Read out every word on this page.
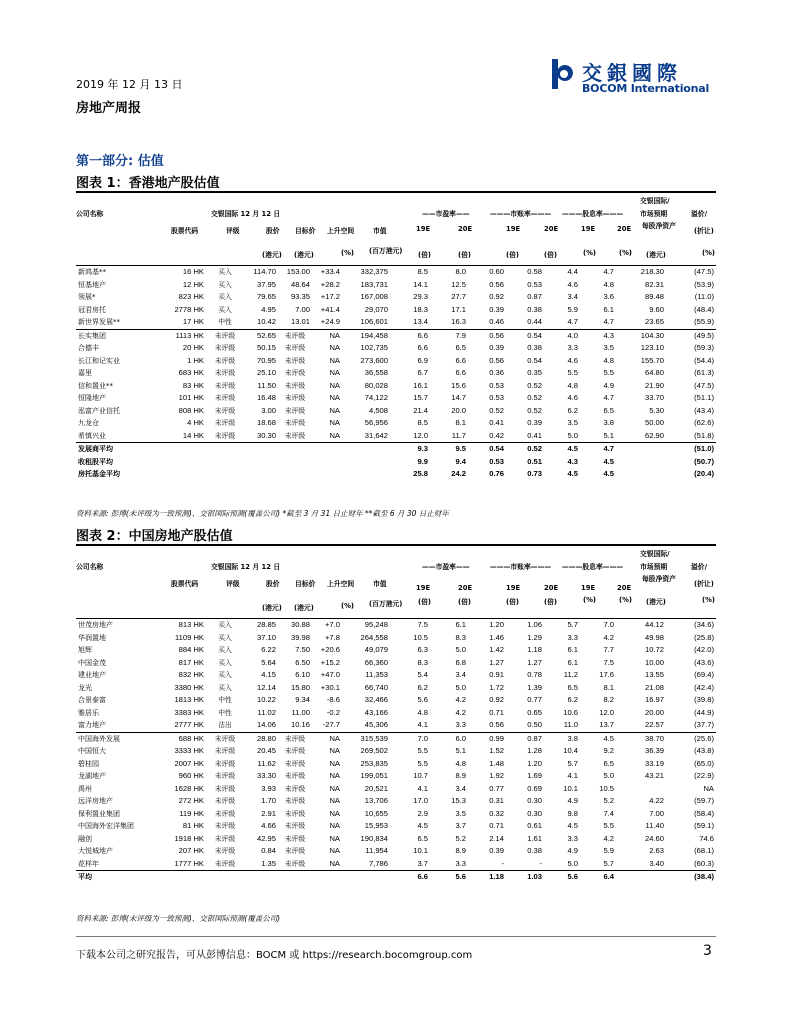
2019 年 12 月 13 日
房地产周报
交銀國際
BOCOM International
第一部分: 估值
图表 1：香港地产股估值
交银国际/
公司名称	交银国际 12 月 12 日	——市盈率——	———市账率——— ———股息率——— 市场预期	溢价/
股票代码	评级	股价 目标价 上升空间	市值	19E	20E	19E	20E	19E	20E 每股净资产
(折让)
(港元) (港元)	(%) (百万港元) (倍)	(倍)	(倍)	(倍)	(%)	(%) (港元)	(%)
新鸿基**	16 HK	买入	114.70	153.00	+33.4	332,375	8.5	8.0	0.60	0.58	4.4	4.7	218.30	(47.5)
恒基地产	12 HK	买入	37.95	48.64	+28.2	183,731	14.1	12.5	0.56	0.53	4.6	4.8	82.31	(53.9)
领展*	823 HK	买入	79.65	93.35	+17.2	167,008	29.3	27.7	0.92	0.87	3.4	3.6	89.48	(11.0)
冠君房托	2778 HK	买入	4.95	7.00	+41.4	29,070	18.3	17.1	0.39	0.38	5.9	6.1	9.60	(48.4)
新世界发展**	17 HK	中性	10.42	13.01	+24.9	106,601	13.4	16.3	0.46	0.44	4.7	4.7	23.65	(55.9)
长实集团	1113 HK	未评级	52.65	未评级	NA	194,458	6.6	7.9	0.56	0.54	4.0	4.3	104.30	(49.5)
合德丰	20 HK	未评级	50.15	未评级	NA	102,735	6.6	6.5	0.39	0.38	3.3	3.5	123.10	(59.3)
长江和记实业	1 HK	未评级	70.95	未评级	NA	273,600	6.9	6.6	0.56	0.54	4.6	4.8	155.70	(54.4)
嘉里	683 HK	未评级	25.10	未评级	NA	36,558	6.7	6.6	0.36	0.35	5.5	5.5	64.80	(61.3)
信和置业**	83 HK	未评级	11.50	未评级	NA	80,028	16.1	15.6	0.53	0.52	4.8	4.9	21.90	(47.5)
恒隆地产	101 HK	未评级	16.48	未评级	NA	74,122	15.7	14.7	0.53	0.52	4.6	4.7	33.70	(51.1)
泓富产业信托	808 HK	未评级	3.00	未评级	NA	4,508	21.4	20.0	0.52	0.52	6.2	6.5	5.30	(43.4)
九龙仓	4 HK	未评级	18.68	未评级	NA	56,956	8.5	8.1	0.41	0.39	3.5	3.8	50.00	(62.6)
希慎兴业	14 HK	未评级	30.30	未评级	NA	31,642	12.0	11.7	0.42	0.41	5.0	5.1	62.90	(51.8)
发展商平均							9.3	9.5	0.54	0.52	4.5	4.7		(51.0)
收租股平均							9.9	9.4	0.53	0.51	4.3	4.5		(50.7)
房托基金平均							25.8	24.2	0.76	0.73	4.5	4.5		(20.4)
资料来源: 彭博(未评级为一致预测)、交银国际预测(覆盖公司) *截至 3 月 31 日止财年 **截至 6 月 30 日止财年
图表 2：中国房地产股估值
交银国际/
公司名称	交银国际 12 月 12 日	——市盈率——	———市账率——— ———股息率——— 市场预期	溢价/
股票代码	评级	股价 目标价 上升空间	市值	19E	20E	19E	20E	19E	20E
每股净资产
(折让)
(港元) (港元)	(%) (百万港元) (倍)	(倍)	(倍)	(倍)	(%)	(%) (港元)	(%)
世茂房地产	813 HK	买入	28.85	30.88	+7.0	95,248	7.5	6.1	1.20	1.06	5.7	7.0	44.12	(34.6)
华润置地	1109 HK	买入	37.10	39.98	+7.8	264,558	10.5	8.3	1.46	1.29	3.3	4.2	49.98	(25.8)
旭辉	884 HK	买入	6.22	7.50	+20.6	49,079	6.3	5.0	1.42	1.18	6.1	7.7	10.72	(42.0)
中国金茂	817 HK	买入	5.64	6.50	+15.2	66,360	8.3	6.8	1.27	1.27	6.1	7.5	10.00	(43.6)
建业地产	832 HK	买入	4.15	6.10	+47.0	11,353	5.4	3.4	0.91	0.78	11.2	17.6	13.55	(69.4)
龙光	3380 HK	买入	12.14	15.80	+30.1	66,740	6.2	5.0	1.72	1.39	6.5	8.1	21.08	(42.4)
合景泰富	1813 HK	中性	10.22	9.34	-8.6	32,466	5.6	4.2	0.92	0.77	6.2	8.2	16.97	(39.8)
雅居乐	3383 HK	中性	11.02	11.00	-0.2	43,166	4.8	4.2	0.71	0.65	10.6	12.0	20.00	(44.9)
富力地产	2777 HK	沽出	14.06	10.16	-27.7	45,306	4.1	3.3	0.56	0.50	11.0	13.7	22.57	(37.7)
中国海外发展	688 HK	未评级	28.80	未评级	NA	315,539	7.0	6.0	0.99	0.87	3.8	4.5	38.70	(25.6)
中国恒大	3333 HK	未评级	20.45	未评级	NA	269,502	5.5	5.1	1.52	1.28	10.4	9.2	36.39	(43.8)
碧桂园	2007 HK	未评级	11.62	未评级	NA	253,835	5.5	4.8	1.48	1.20	5.7	6.5	33.19	(65.0)
龙湖地产	960 HK	未评级	33.30	未评级	NA	199,051	10.7	8.9	1.92	1.69	4.1	5.0	43.21	(22.9)
禹州	1628 HK	未评级	3.93	未评级	NA	20,521	4.1	3.4	0.77	0.69	10.1	10.5		NA
远洋房地产	272 HK	未评级	1.70	未评级	NA	13,706	17.0	15.3	0.31	0.30	4.9	5.2	4.22	(59.7)
保利置业集团	119 HK	未评级	2.91	未评级	NA	10,655	2.9	3.5	0.32	0.30	9.8	7.4	7.00	(58.4)
中国海外宏洋集团	81 HK	未评级	4.66	未评级	NA	15,953	4.5	3.7	0.71	0.61	4.5	5.5	11.40	(59.1)
融创	1918 HK	未评级	42.95	未评级	NA	190,834	6.5	5.2	2.14	1.61	3.3	4.2	24.60	74.6
大悦城地产	207 HK	未评级	0.84	未评级	NA	11,954	10.1	8.9	0.39	0.38	4.9	5.9	2.63	(68.1)
花样年	1777 HK	未评级	1.35	未评级	NA	7,786	3.7	3.3	-	-	5.0	5.7	3.40	(60.3)
平均							6.6	5.6	1.18	1.03	5.6	6.4		(38.4)
资料来源: 彭博(未评级为一致预测)、交银国际预测(覆盖公司)
下载本公司之研究报告，可从彭博信息：BOCM 或 https://research.bocomgroup.com	3
